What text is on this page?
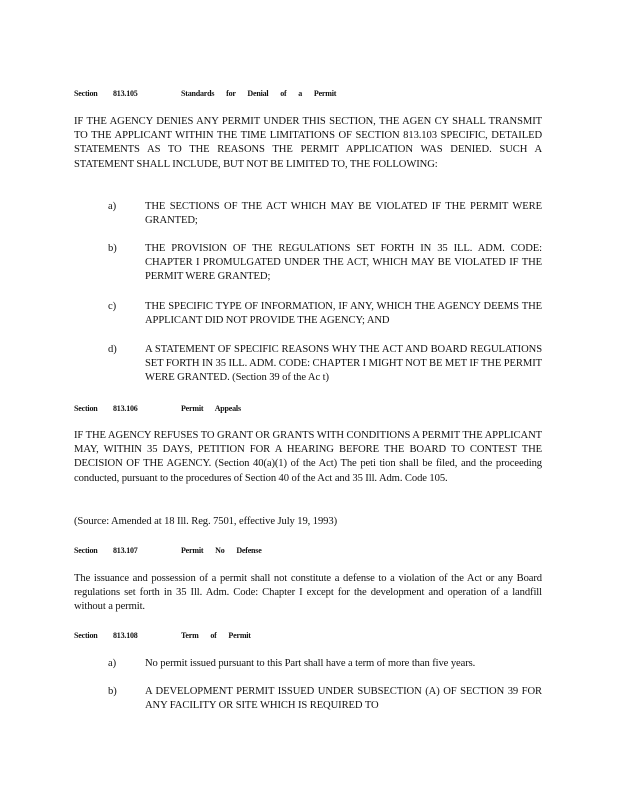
Section 813.105	Standards for Denial of a Permit

IF THE AGENCY DENIES ANY PERMIT UNDER THIS SECTION, THE AGEN CY SHALL TRANSMIT TO THE APPLICANT WITHIN THE TIME LIMITATIONS OF SECTION 813.103 SPECIFIC, DETAILED STATEMENTS AS TO THE REASONS THE PERMIT APPLICATION WAS DENIED. SUCH A STATEMENT SHALL INCLUDE, BUT NOT BE LIMITED TO, THE FOLLOWING:

a)	THE SECTIONS OF THE ACT WHICH MAY BE VIOLATED IF THE PERMIT WERE GRANTED;
b)	THE PROVISION OF THE REGULATIONS SET FORTH IN 35 ILL. ADM. CODE: CHAPTER I PROMULGATED UNDER THE ACT, WHICH MAY BE VIOLATED IF THE PERMIT WERE GRANTED;
c)	THE SPECIFIC TYPE OF INFORMATION, IF ANY, WHICH THE AGENCY DEEMS THE APPLICANT DID NOT PROVIDE THE AGENCY; AND
d)	A STATEMENT OF SPECIFIC REASONS WHY THE ACT AND BOARD REGULATIONS SET FORTH IN 35 ILL. ADM. CODE: CHAPTER I MIGHT NOT BE MET IF THE PERMIT WERE GRANTED. (Section 39 of the Ac t)

Section 813.106	Permit Appeals

IF THE AGENCY REFUSES TO GRANT OR GRANTS WITH CONDITIONS A PERMIT THE APPLICANT MAY, WITHIN 35 DAYS, PETITION FOR A HEARING BEFORE THE BOARD TO CONTEST THE DECISION OF THE AGENCY. (Section 40(a)(1) of the Act) The peti tion shall be filed, and the proceeding conducted, pursuant to the procedures of Section 40 of the Act and 35 Ill. Adm. Code 105.

(Source: Amended at 18 Ill. Reg. 7501, effective July 19, 1993)

Section 813.107	Permit No Defense

The issuance and possession of a permit shall not constitute a defense to a violation of the Act or any Board regulations set forth in 35 Ill. Adm. Code: Chapter I except for the development and operation of a landfill without a permit.

Section 813.108	Term of Permit

a)	No permit issued pursuant to this Part shall have a term of more than five years.
b)	A DEVELOPMENT PERMIT ISSUED UNDER SUBSECTION (A) OF SECTION 39 FOR ANY FACILITY OR SITE WHICH IS REQUIRED TO
